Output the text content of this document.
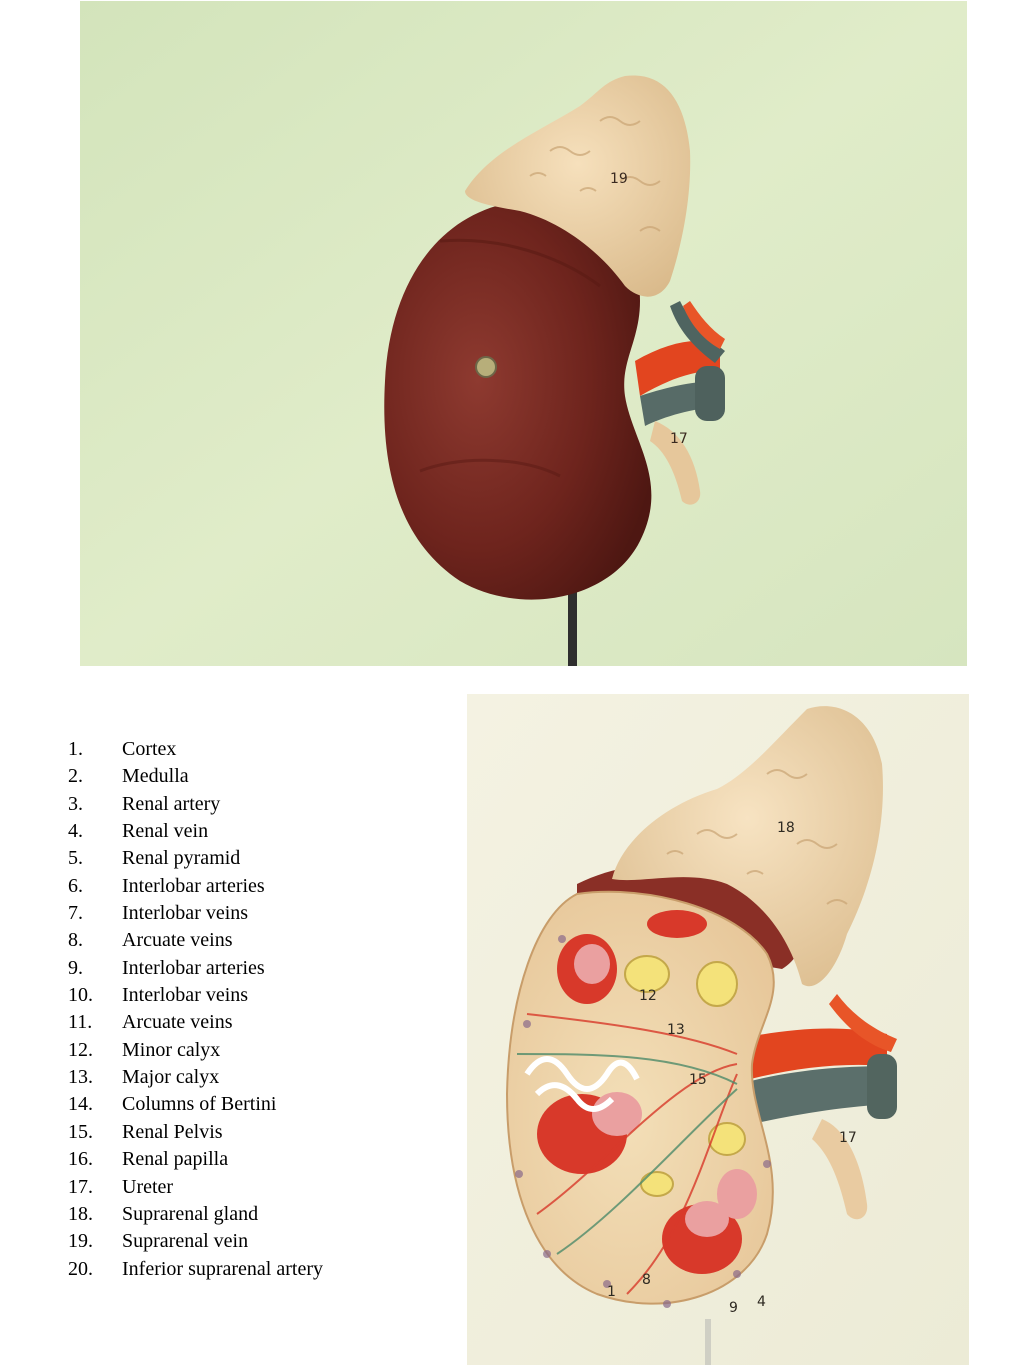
19
17
1. Cortex
2. Medulla
3. Renal artery
4. Renal vein
5. Renal pyramid
6. Interlobar arteries
7. Interlobar veins
8. Arcuate veins
9. Interlobar arteries
10. Interlobar veins
11. Arcuate veins
12. Minor calyx
13. Major calyx
14. Columns of Bertini
15. Renal Pelvis
16. Renal papilla
17. Ureter
18. Suprarenal gland
19. Suprarenal vein
20. Inferior suprarenal artery
18
17
12
13
15
1
8
9 4
